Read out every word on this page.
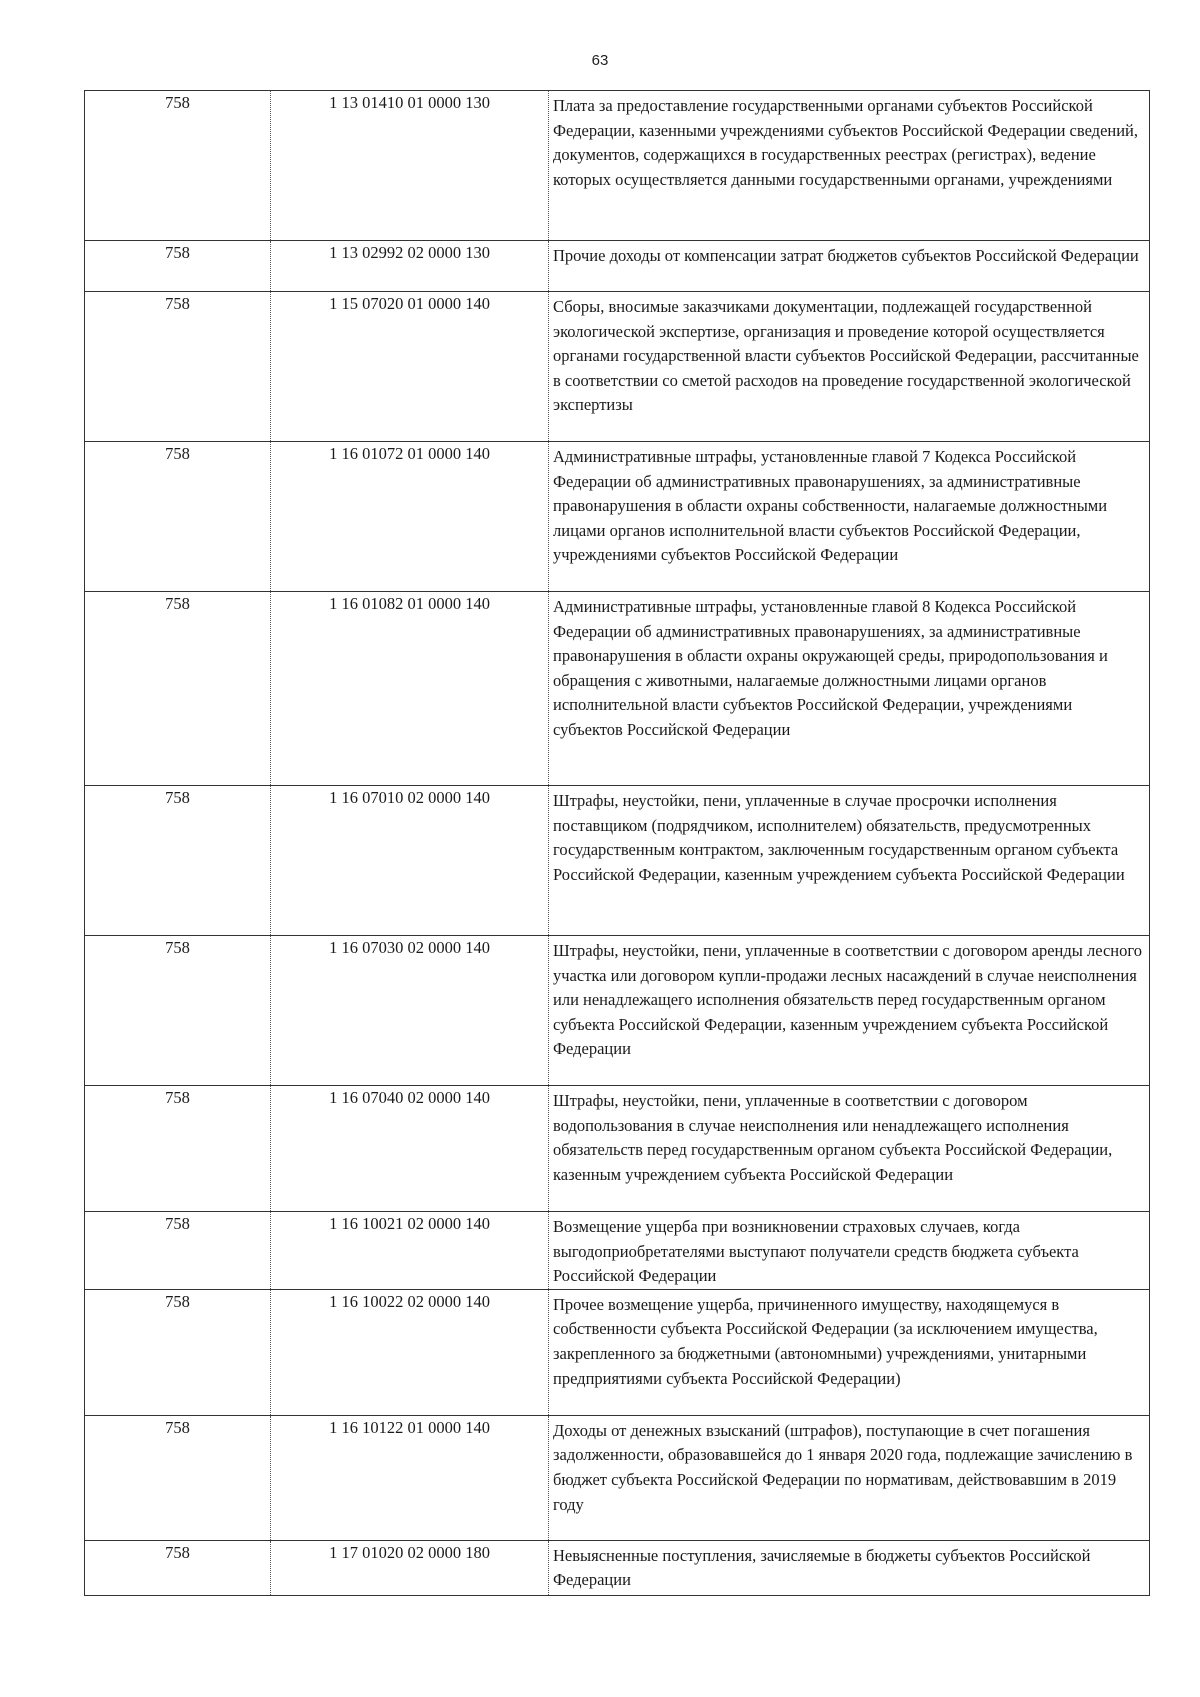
63
758	1 13 01410 01 0000 130	Плата за предоставление государственными органами субъектов Российской Федерации, казенными учреждениями субъектов Российской Федерации сведений, документов, содержащихся в государственных реестрах (регистрах), ведение которых осуществляется данными государственными органами, учреждениями
758	1 13 02992 02 0000 130	Прочие доходы от компенсации затрат бюджетов субъектов Российской Федерации
758	1 15 07020 01 0000 140	Сборы, вносимые заказчиками документации, подлежащей государственной экологической экспертизе, организация и проведение которой осуществляется органами государственной власти субъектов Российской Федерации, рассчитанные в соответствии со сметой расходов на проведение государственной экологической экспертизы
758	1 16 01072 01 0000 140	Административные штрафы, установленные главой 7 Кодекса Российской Федерации об административных правонарушениях, за административные правонарушения в области охраны собственности, налагаемые должностными лицами органов исполнительной власти субъектов Российской Федерации, учреждениями субъектов Российской Федерации
758	1 16 01082 01 0000 140	Административные штрафы, установленные главой 8 Кодекса Российской Федерации об административных правонарушениях, за административные правонарушения в области охраны окружающей среды, природопользования и обращения с животными, налагаемые должностными лицами органов исполнительной власти субъектов Российской Федерации, учреждениями субъектов Российской Федерации
758	1 16 07010 02 0000 140	Штрафы, неустойки, пени, уплаченные в случае просрочки исполнения поставщиком (подрядчиком, исполнителем) обязательств, предусмотренных государственным контрактом, заключенным государственным органом субъекта Российской Федерации, казенным учреждением субъекта Российской Федерации
758	1 16 07030 02 0000 140	Штрафы, неустойки, пени, уплаченные в соответствии с договором аренды лесного участка или договором купли-продажи лесных насаждений в случае неисполнения или ненадлежащего исполнения обязательств перед государственным органом субъекта Российской Федерации, казенным учреждением субъекта Российской Федерации
758	1 16 07040 02 0000 140	Штрафы, неустойки, пени, уплаченные в соответствии с договором водопользования в случае неисполнения или ненадлежащего исполнения обязательств перед государственным органом субъекта Российской Федерации, казенным учреждением субъекта Российской Федерации
758	1 16 10021 02 0000 140	Возмещение ущерба при возникновении страховых случаев, когда выгодоприобретателями выступают получатели средств бюджета субъекта Российской Федерации
758	1 16 10022 02 0000 140	Прочее возмещение ущерба, причиненного имуществу, находящемуся в собственности субъекта Российской Федерации (за исключением имущества, закрепленного за бюджетными (автономными) учреждениями, унитарными предприятиями субъекта Российской Федерации)
758	1 16 10122 01 0000 140	Доходы от денежных взысканий (штрафов), поступающие в счет погашения задолженности, образовавшейся до 1 января 2020 года, подлежащие зачислению в бюджет субъекта Российской Федерации по нормативам, действовавшим в 2019 году
758	1 17 01020 02 0000 180	Невыясненные поступления, зачисляемые в бюджеты субъектов Российской Федерации
